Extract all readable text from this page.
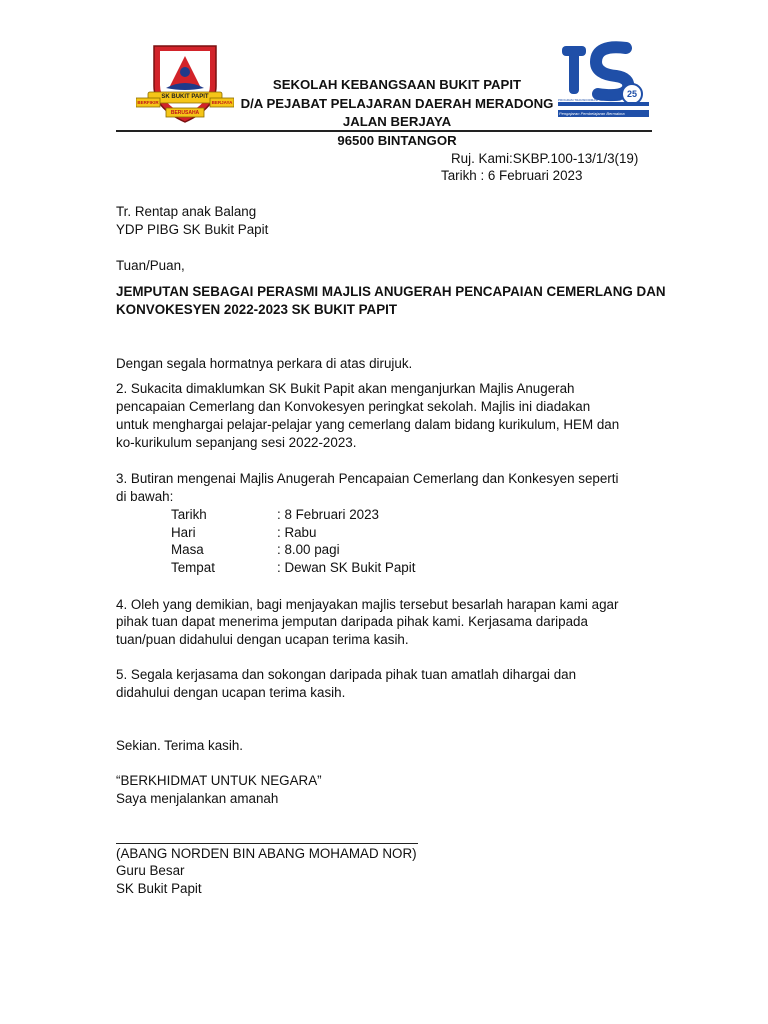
SK BUKIT PAPIT
BERFIKIR	BERJAYA
BERUSAHA
SEKOLAH KEBANGSAAN BUKIT PAPIT
D/A PEJABAT PELAJARAN DAERAH MERADONG
JALAN BERJAYA
96500 BINTANGOR
25
PROGRAM TRANSFORMASI SEKOLAH 2025
Pengajaran Pembelajaran Bermakna
Ruj. Kami:SKBP.100-13/1/3(19)
Tarikh : 6 Februari 2023
Tr. Rentap anak Balang
YDP PIBG SK Bukit Papit
Tuan/Puan,
JEMPUTAN SEBAGAI PERASMI MAJLIS ANUGERAH PENCAPAIAN CEMERLANG DAN
KONVOKESYEN 2022-2023 SK BUKIT PAPIT
Dengan segala hormatnya perkara di atas dirujuk.
2. Sukacita dimaklumkan SK Bukit Papit akan menganjurkan Majlis Anugerah
pencapaian Cemerlang dan Konvokesyen peringkat sekolah. Majlis ini diadakan
untuk menghargai pelajar-pelajar yang cemerlang dalam bidang kurikulum, HEM dan
ko-kurikulum sepanjang sesi 2022-2023.
3. Butiran mengenai Majlis Anugerah Pencapaian Cemerlang dan Konkesyen seperti
di bawah:
Tarikh	: 8 Februari 2023
Hari	: Rabu
Masa	: 8.00 pagi
Tempat	: Dewan SK Bukit Papit
4. Oleh yang demikian, bagi menjayakan majlis tersebut besarlah harapan kami agar
pihak tuan dapat menerima jemputan daripada pihak kami. Kerjasama daripada
tuan/puan didahului dengan ucapan terima kasih.
5. Segala kerjasama dan sokongan daripada pihak tuan amatlah dihargai dan
didahului dengan ucapan terima kasih.
Sekian. Terima kasih.
“BERKHIDMAT UNTUK NEGARA”
Saya menjalankan amanah
(ABANG NORDEN BIN ABANG MOHAMAD NOR)
Guru Besar
SK Bukit Papit
